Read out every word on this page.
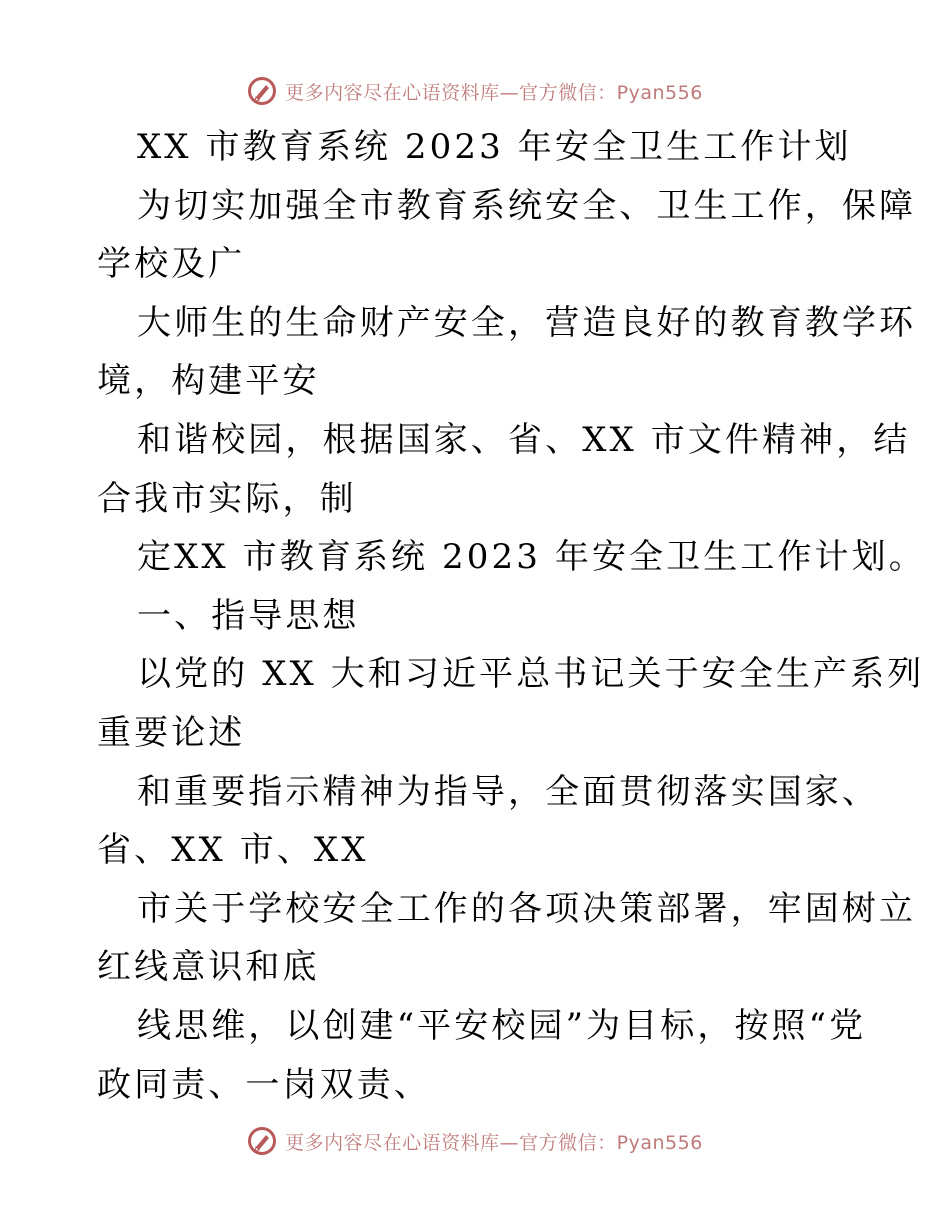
更多内容尽在心语资料库—官方微信：Pyan556
XX 市教育系统 2023 年安全卫生工作计划
为切实加强全市教育系统安全、卫生工作，保障
学校及广
大师生的生命财产安全，营造良好的教育教学环
境，构建平安
和谐校园，根据国家、省、XX 市文件精神，结
合我市实际，制
定XX 市教育系统 2023 年安全卫生工作计划。
一、指导思想
以党的 XX 大和习近平总书记关于安全生产系列
重要论述
和重要指示精神为指导，全面贯彻落实国家、
省、XX 市、XX
市关于学校安全工作的各项决策部署，牢固树立
红线意识和底
线思维，以创建“平安校园”为目标，按照“党
政同责、一岗双责、
更多内容尽在心语资料库—官方微信：Pyan556
